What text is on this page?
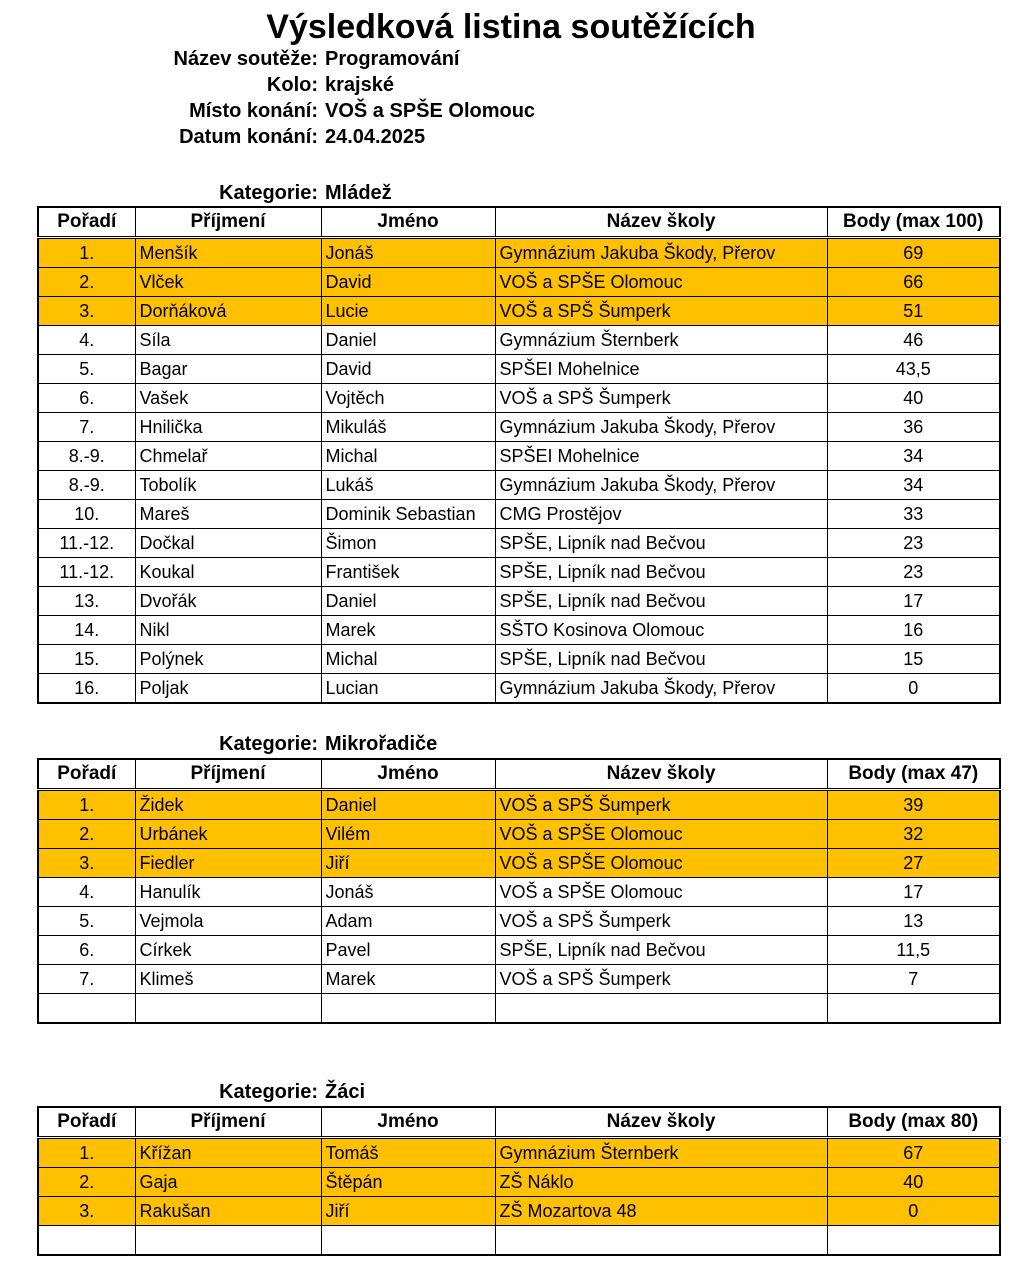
Výsledková listina soutěžících
Název soutěže: Programování
Kolo: krajské
Místo konání: VOŠ a SPŠE Olomouc
Datum konání: 24.04.2025
Kategorie: Mládež
Pořadí	Příjmení	Jméno	Název školy	Body (max 100)
1.	Menšík	Jonáš	Gymnázium Jakuba Škody, Přerov	69
2.	Vlček	David	VOŠ a SPŠE Olomouc	66
3.	Dorňáková	Lucie	VOŠ a SPŠ Šumperk	51
4.	Síla	Daniel	Gymnázium Šternberk	46
5.	Bagar	David	SPŠEI Mohelnice	43,5
6.	Vašek	Vojtěch	VOŠ a SPŠ Šumperk	40
7.	Hnilička	Mikuláš	Gymnázium Jakuba Škody, Přerov	36
8.-9.	Chmelař	Michal	SPŠEI Mohelnice	34
8.-9.	Tobolík	Lukáš	Gymnázium Jakuba Škody, Přerov	34
10.	Mareš	Dominik Sebastian	CMG Prostějov	33
11.-12.	Dočkal	Šimon	SPŠE, Lipník nad Bečvou	23
11.-12.	Koukal	František	SPŠE, Lipník nad Bečvou	23
13.	Dvořák	Daniel	SPŠE, Lipník nad Bečvou	17
14.	Nikl	Marek	SŠTO Kosinova Olomouc	16
15.	Polýnek	Michal	SPŠE, Lipník nad Bečvou	15
16.	Poljak	Lucian	Gymnázium Jakuba Škody, Přerov	0
Kategorie: Mikrořadiče
Pořadí	Příjmení	Jméno	Název školy	Body (max 47)
1.	Židek	Daniel	VOŠ a SPŠ Šumperk	39
2.	Urbánek	Vilém	VOŠ a SPŠE Olomouc	32
3.	Fiedler	Jiří	VOŠ a SPŠE Olomouc	27
4.	Hanulík	Jonáš	VOŠ a SPŠE Olomouc	17
5.	Vejmola	Adam	VOŠ a SPŠ Šumperk	13
6.	Církek	Pavel	SPŠE, Lipník nad Bečvou	11,5
7.	Klimeš	Marek	VOŠ a SPŠ Šumperk	7

Kategorie: Žáci
Pořadí	Příjmení	Jméno	Název školy	Body (max 80)
1.	Křížan	Tomáš	Gymnázium Šternberk	67
2.	Gaja	Štěpán	ZŠ Náklo	40
3.	Rakušan	Jiří	ZŠ Mozartova 48	0
